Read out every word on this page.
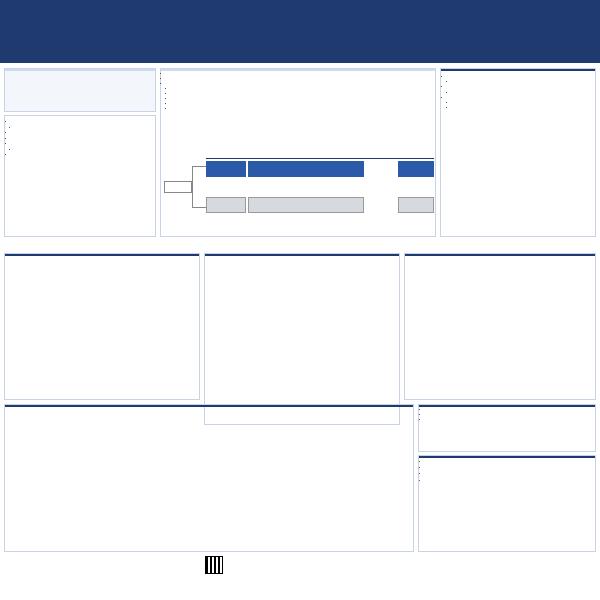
•
•
•
•
•
•
•
•
•
•
•
•
•
•
•
•
•
•
•
•
•
•

•
•
•
•
•
•
•
